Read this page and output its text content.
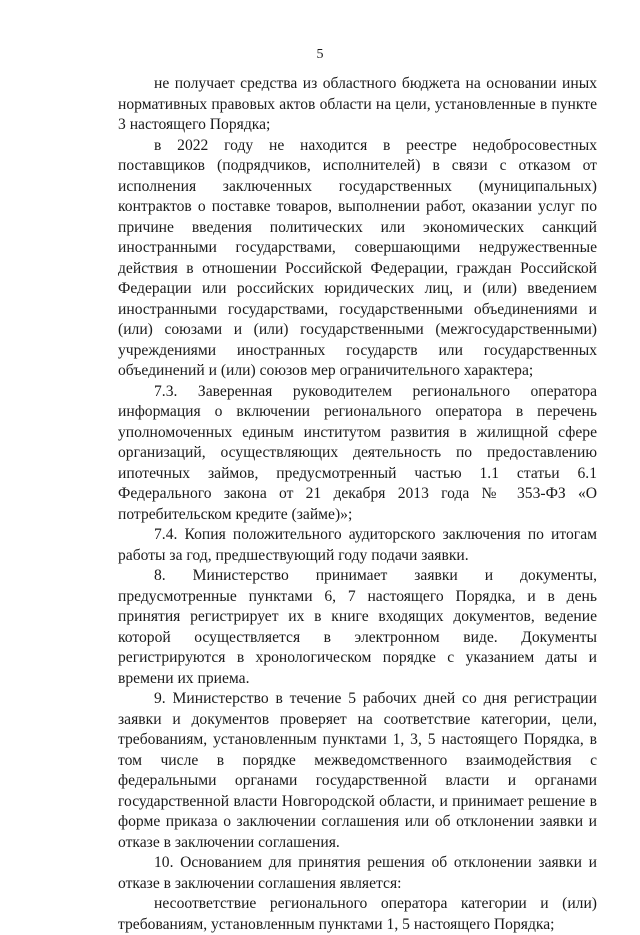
5

не получает средства из областного бюджета на основании иных нормативных правовых актов области на цели, установленные в пункте 3 настоящего Порядка;

в 2022 году не находится в реестре недобросовестных поставщиков (подрядчиков, исполнителей) в связи с отказом от исполнения заключенных государственных (муниципальных) контрактов о поставке товаров, выполнении работ, оказании услуг по причине введения политических или экономических санкций иностранными государствами, совершающими недружественные действия в отношении Российской Федерации, граждан Российской Федерации или российских юридических лиц, и (или) введением иностранными государствами, государственными объединениями и (или) союзами и (или) государственными (межгосударственными) учреждениями иностранных государств или государственных объединений и (или) союзов мер ограничительного характера;

7.3. Заверенная руководителем регионального оператора информация о включении регионального оператора в перечень уполномоченных единым институтом развития в жилищной сфере организаций, осуществляющих деятельность по предоставлению ипотечных займов, предусмотренный частью 1.1 статьи 6.1 Федерального закона от 21 декабря 2013 года № 353-ФЗ «О потребительском кредите (займе)»;

7.4. Копия положительного аудиторского заключения по итогам работы за год, предшествующий году подачи заявки.

8. Министерство принимает заявки и документы, предусмотренные пунктами 6, 7 настоящего Порядка, и в день принятия регистрирует их в книге входящих документов, ведение которой осуществляется в электронном виде. Документы регистрируются в хронологическом порядке с указанием даты и времени их приема.

9. Министерство в течение 5 рабочих дней со дня регистрации заявки и документов проверяет на соответствие категории, цели, требованиям, установленным пунктами 1, 3, 5 настоящего Порядка, в том числе в порядке межведомственного взаимодействия с федеральными органами государственной власти и органами государственной власти Новгородской области, и принимает решение в форме приказа о заключении соглашения или об отклонении заявки и отказе в заключении соглашения.

10. Основанием для принятия решения об отклонении заявки и отказе в заключении соглашения является:

несоответствие регионального оператора категории и (или) требованиям, установленным пунктами 1, 5 настоящего Порядка;
